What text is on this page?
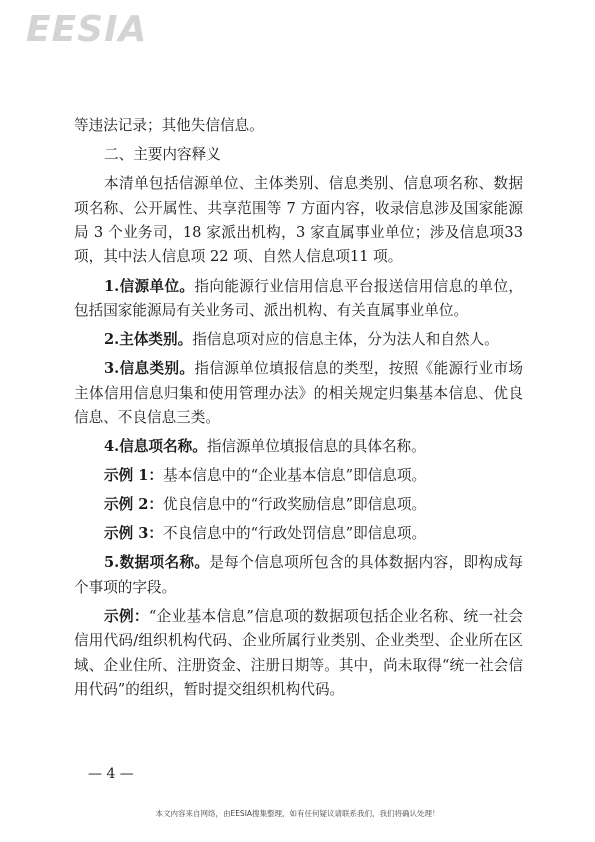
EESIA

等违法记录；其他失信信息。

二、主要内容释义

本清单包括信源单位、主体类别、信息类别、信息项名称、数据项名称、公开属性、共享范围等 7 方面内容，收录信息涉及国家能源局 3 个业务司，18 家派出机构，3 家直属事业单位；涉及信息项33 项，其中法人信息项 22 项、自然人信息项11 项。

1.信源单位。指向能源行业信用信息平台报送信用信息的单位，包括国家能源局有关业务司、派出机构、有关直属事业单位。

2.主体类别。指信息项对应的信息主体，分为法人和自然人。

3.信息类别。指信源单位填报信息的类型，按照《能源行业市场主体信用信息归集和使用管理办法》的相关规定归集基本信息、优良信息、不良信息三类。

4.信息项名称。指信源单位填报信息的具体名称。

示例 1：基本信息中的“企业基本信息”即信息项。

示例 2：优良信息中的“行政奖励信息”即信息项。

示例 3：不良信息中的“行政处罚信息”即信息项。

5.数据项名称。是每个信息项所包含的具体数据内容，即构成每个事项的字段。

示例：“企业基本信息”信息项的数据项包括企业名称、统一社会信用代码/组织机构代码、企业所属行业类别、企业类型、企业所在区域、企业住所、注册资金、注册日期等。其中，尚未取得“统一社会信用代码”的组织，暂时提交组织机构代码。

— 4 —
本文内容来自网络，由EESIA搜集整理，如有任何疑议请联系我们，我们将确认处理！
